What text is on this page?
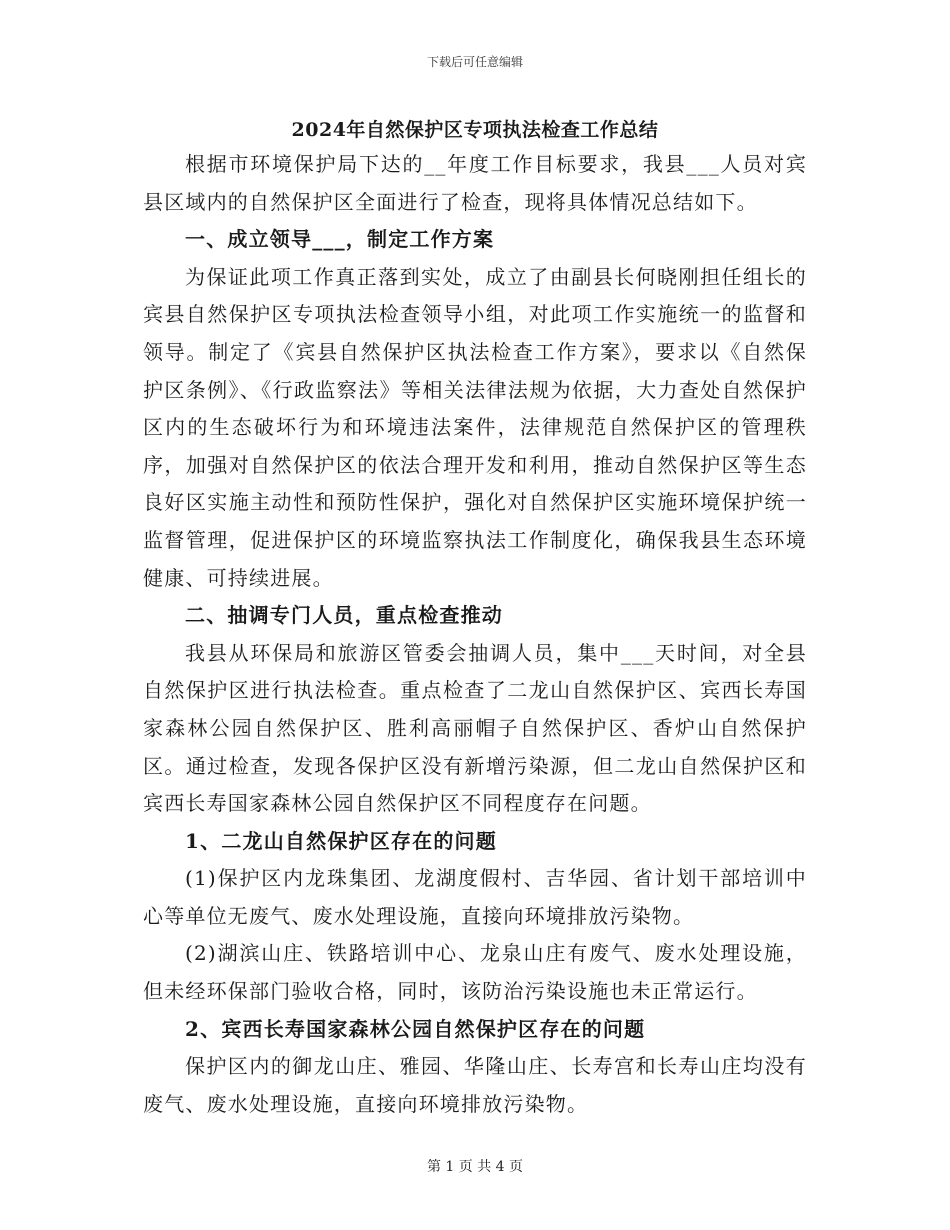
下载后可任意编辑
2024年自然保护区专项执法检查工作总结

根据市环境保护局下达的__年度工作目标要求，我县___人员对宾县区域内的自然保护区全面进行了检查，现将具体情况总结如下。

一、成立领导___，制定工作方案

为保证此项工作真正落到实处，成立了由副县长何晓刚担任组长的宾县自然保护区专项执法检查领导小组，对此项工作实施统一的监督和领导。制定了《宾县自然保护区执法检查工作方案》，要求以《自然保护区条例》、《行政监察法》等相关法律法规为依据，大力查处自然保护区内的生态破坏行为和环境违法案件，法律规范自然保护区的管理秩序，加强对自然保护区的依法合理开发和利用，推动自然保护区等生态良好区实施主动性和预防性保护，强化对自然保护区实施环境保护统一监督管理，促进保护区的环境监察执法工作制度化，确保我县生态环境健康、可持续进展。

二、抽调专门人员，重点检查推动

我县从环保局和旅游区管委会抽调人员，集中___天时间，对全县自然保护区进行执法检查。重点检查了二龙山自然保护区、宾西长寿国家森林公园自然保护区、胜利高丽帽子自然保护区、香炉山自然保护区。通过检查，发现各保护区没有新增污染源，但二龙山自然保护区和宾西长寿国家森林公园自然保护区不同程度存在问题。

1、二龙山自然保护区存在的问题

(1)保护区内龙珠集团、龙湖度假村、吉华园、省计划干部培训中心等单位无废气、废水处理设施，直接向环境排放污染物。

(2)湖滨山庄、铁路培训中心、龙泉山庄有废气、废水处理设施，但未经环保部门验收合格，同时，该防治污染设施也未正常运行。

2、宾西长寿国家森林公园自然保护区存在的问题

保护区内的御龙山庄、雅园、华隆山庄、长寿宫和长寿山庄均没有废气、废水处理设施，直接向环境排放污染物。

第 1 页 共 4 页
